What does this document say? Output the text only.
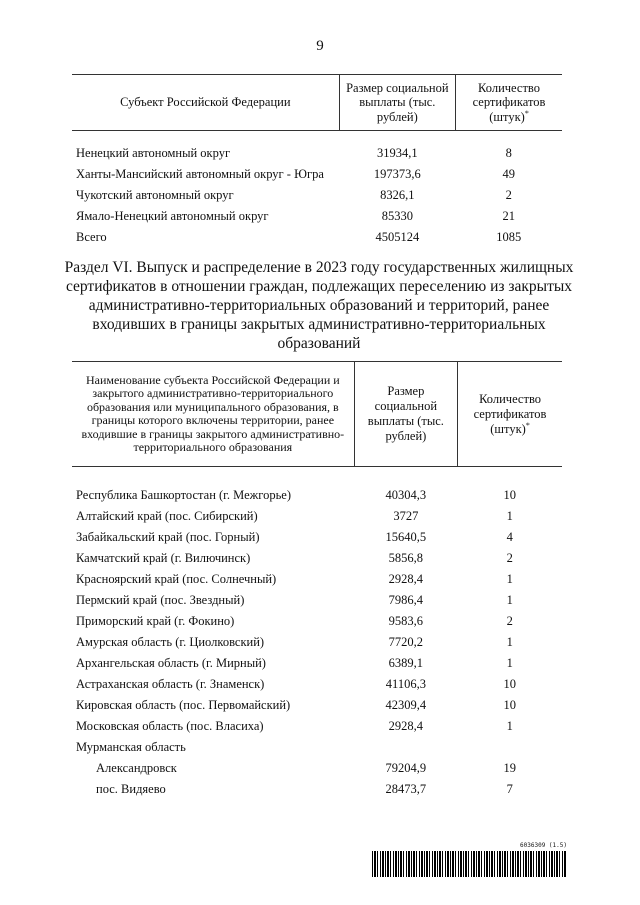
9
Субъект Российской Федерации	Размер социальной выплаты (тыс. рублей)	Количество сертификатов (штук)*

Ненецкий автономный округ	31934,1	8
Ханты-Мансийский автономный округ - Югра	197373,6	49
Чукотский автономный округ	8326,1	2
Ямало-Ненецкий автономный округ	85330	21
Всего	4505124	1085
Раздел VI. Выпуск и распределение в 2023 году государственных жилищных сертификатов в отношении граждан, подлежащих переселению из закрытых административно-территориальных образований и территорий, ранее входивших в границы закрытых административно-территориальных образований
Наименование субъекта Российской Федерации и закрытого административно-территориального образования или муниципального образования, в границы которого включены территории, ранее входившие в границы закрытого административно-территориального образования	Размер социальной выплаты (тыс. рублей)	Количество сертификатов (штук)*

Республика Башкортостан (г. Межгорье)	40304,3	10
Алтайский край (пос. Сибирский)	3727	1
Забайкальский край (пос. Горный)	15640,5	4
Камчатский край (г. Вилючинск)	5856,8	2
Красноярский край (пос. Солнечный)	2928,4	1
Пермский край (пос. Звездный)	7986,4	1
Приморский край (г. Фокино)	9583,6	2
Амурская область (г. Циолковский)	7720,2	1
Архангельская область (г. Мирный)	6389,1	1
Астраханская область (г. Знаменск)	41106,3	10
Кировская область (пос. Первомайский)	42309,4	10
Московская область (пос. Власиха)	2928,4	1
Мурманская область		
Александровск	79204,9	19
пос. Видяево	28473,7	7
6036309 (1.5)
